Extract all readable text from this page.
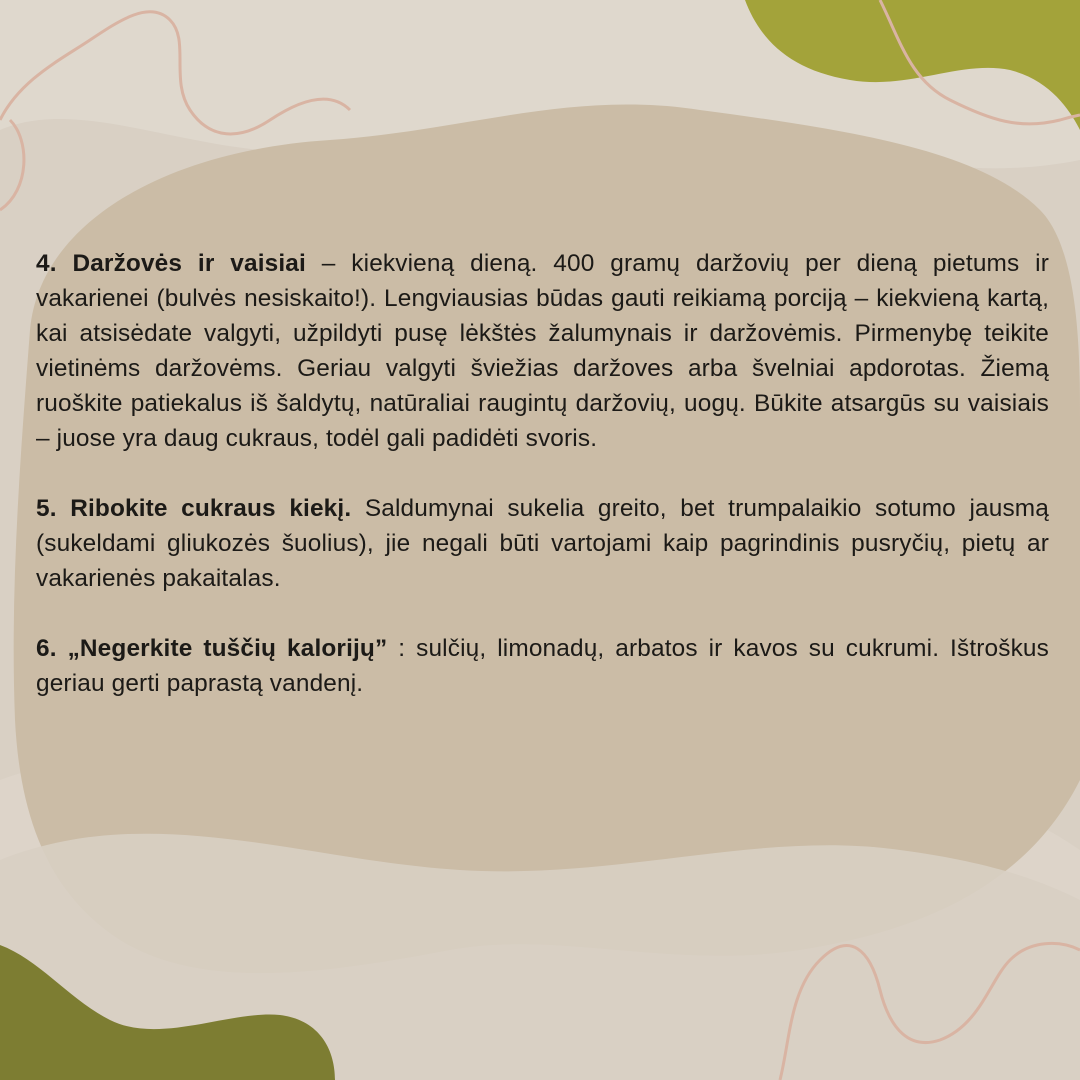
4. Daržovės ir vaisiai – kiekvieną dieną. 400 gramų daržovių per dieną pietums ir vakarienei (bulvės nesiskaito!). Lengviausias būdas gauti reikiamą porciją – kiekvieną kartą, kai atsisėdate valgyti, užpildyti pusę lėkštės žalumynais ir daržovėmis. Pirmenybę teikite vietinėms daržovėms. Geriau valgyti šviežias daržoves arba švelniai apdorotas. Žiemą ruoškite patiekalus iš šaldytų, natūraliai raugintų daržovių, uogų. Būkite atsargūs su vaisiais – juose yra daug cukraus, todėl gali padidėti svoris.

5. Ribokite cukraus kiekį. Saldumynai sukelia greito, bet trumpalaikio sotumo jausmą (sukeldami gliukozės šuolius), jie negali būti vartojami kaip pagrindinis pusryčių, pietų ar vakarienės pakaitalas.

6. „Negerkite tuščių kalorijų” : sulčių, limonadų, arbatos ir kavos su cukrumi. Ištroškus geriau gerti paprastą vandenį.
